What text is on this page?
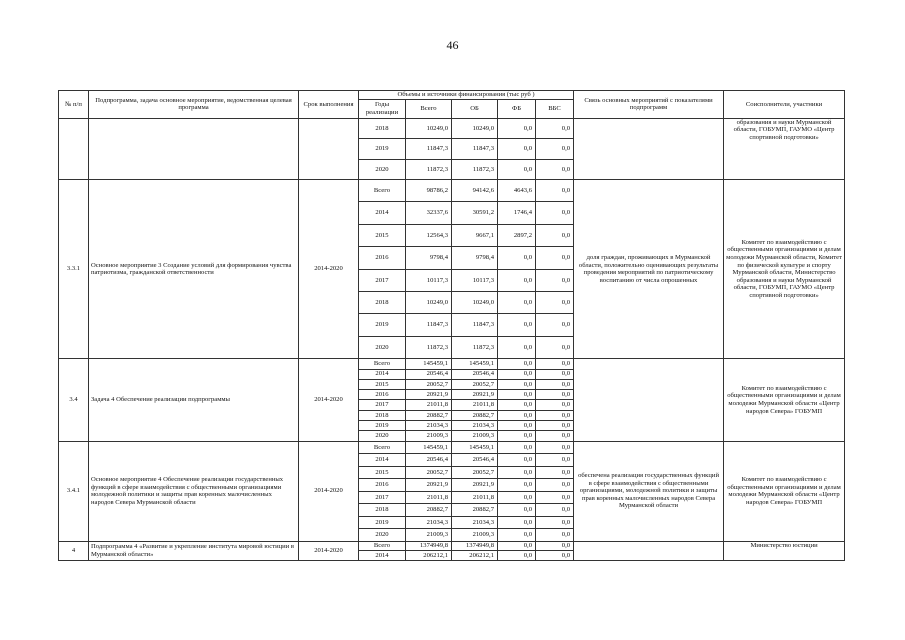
46
№ п/п	Подпрограмма, задача основное мероприятие, ведомственная целевая программа	Срок выполнения	Объемы и источники финансирования (тыс руб )					Связь основных мероприятий с показателями подпрограмм	Соисполнители, участники
			Годы реализации	Всего	ОБ	ФБ	ВБС		
			2018	10249,0	10249,0	0,0	0,0		образования и науки Мурманской области, ГОБУМП, ГАУМО «Центр спортивной подготовки»
			2019	11847,3	11847,3	0,0	0,0		
			2020	11872,3	11872,3	0,0	0,0		
3.3.1	Основное мероприятие 3 Создание условий для формирования чувства патриотизма, гражданской ответственности	2014-2020	Всего	98786,2	94142,6	4643,6	0,0	доля граждан, проживающих в Мурманской области, положительно оценивающих результаты проведения мероприятий по патриотическому воспитанию от числа опрошенных	Комитет по взаимодействию с общественными организациями и делам молодежи Мурманской области, Комитет по физической культуре и спорту Мурманской области, Министерство образования и науки Мурманской области, ГОБУМП, ГАУМО «Центр спортивной подготовки»
			2014	32337,6	30591,2	1746,4	0,0		
			2015	12564,3	9667,1	2897,2	0,0		
			2016	9798,4	9798,4	0,0	0,0		
			2017	10117,3	10117,3	0,0	0,0		
			2018	10249,0	10249,0	0,0	0,0		
			2019	11847,3	11847,3	0,0	0,0		
			2020	11872,3	11872,3	0,0	0,0		
3.4	Задача 4 Обеспечение реализации подпрограммы	2014-2020	Всего	145459,1	145459,1	0,0	0,0		Комитет по взаимодействию с общественными организациями и делам молодежи Мурманской области «Центр народов Севера» ГОБУМП
			2014	20546,4	20546,4	0,0	0,0		
			2015	20052,7	20052,7	0,0	0,0		
			2016	20921,9	20921,9	0,0	0,0		
			2017	21011,8	21011,8	0,0	0,0		
			2018	20882,7	20882,7	0,0	0,0		
			2019	21034,3	21034,3	0,0	0,0		
			2020	21009,3	21009,3	0,0	0,0		
3.4.1	Основное мероприятие 4 Обеспечение реализации государственных функций в сфере взаимодействия с общественными организациями молодежной политики и защиты прав коренных малочисленных народов Севера Мурманской области	2014-2020	Всего	145459,1	145459,1	0,0	0,0	обеспечена реализация государственных функций в сфере взаимодействия с общественными организациями, молодежной политики и защиты прав коренных малочисленных народов Севера Мурманской области	Комитет по взаимодействию с общественными организациями и делам молодежи Мурманской области «Центр народов Севера» ГОБУМП
			2014	20546,4	20546,4	0,0	0,0		
			2015	20052,7	20052,7	0,0	0,0		
			2016	20921,9	20921,9	0,0	0,0		
			2017	21011,8	21011,8	0,0	0,0		
			2018	20882,7	20882,7	0,0	0,0		
			2019	21034,3	21034,3	0,0	0,0		
			2020	21009,3	21009,3	0,0	0,0		
4	Подпрограмма 4 «Развитие и укрепление института мировой юстиции в Мурманской области»	2014-2020	Всего	1374949,8	1374949,8	0,0	0,0		Министерство юстиции
			2014	206212,1	206212,1	0,0	0,0		
